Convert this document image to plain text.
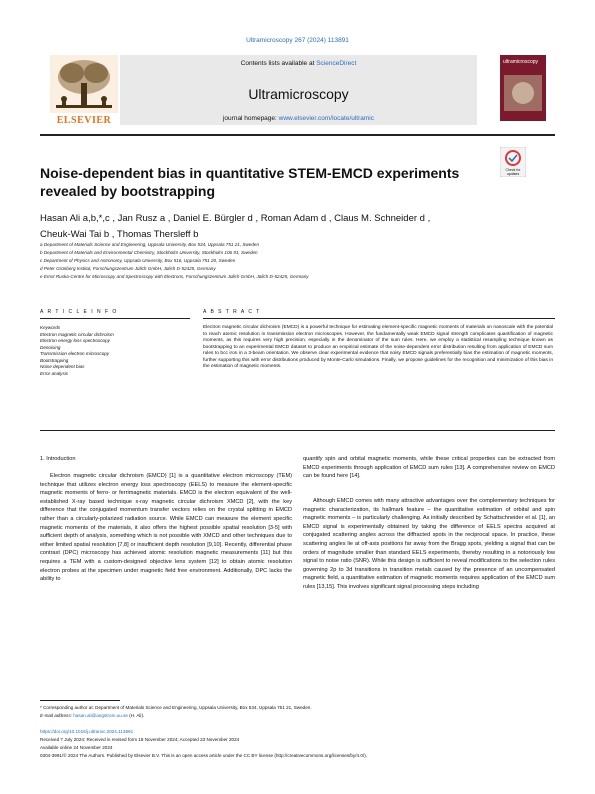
Ultramicroscopy 267 (2024) 113891
Contents lists available at ScienceDirect
Ultramicroscopy
journal homepage: www.elsevier.com/locate/ultramic
ELSEVIER
ultramicroscopy
Noise-dependent bias in quantitative STEM-EMCD experiments revealed by bootstrapping
Check for updates
Hasan Ali a,b,*,c , Jan Rusz a , Daniel E. Bürgler d , Roman Adam d , Claus M. Schneider d ,
Cheuk-Wai Tai b , Thomas Thersleff b
a Department of Materials Science and Engineering, Uppsala University, Box 534, Uppsala 751 21, Sweden
b Department of Materials and Environmental Chemistry, Stockholm University, Stockholm 106 91, Sweden
c Department of Physics and Astronomy, Uppsala University, Box 516, Uppsala 751 20, Sweden
d Peter Grünberg Institut, Forschungszentrum Jülich GmbH, Jülich D-52425, Germany
e Ernst Ruska-Centre for Microscopy and Spectroscopy with Electrons, Forschungszentrum Jülich GmbH, Jülich D-52425, Germany
A R T I C L E I N F O	A B S T R A C T
Keywords
Electron magnetic circular dichroism
Electron energy loss spectroscopy
Denoising
Transmission electron microscopy
Bootstrapping
Noise dependent bias
Error analysis
Electron magnetic circular dichroism (EMCD) is a powerful technique for estimating element-specific magnetic moments of materials on nanoscale with the potential to reach atomic resolution in transmission electron microscopes. However, the fundamentally weak EMCD signal strength complicates quantification of magnetic moments, as this requires very high precision, especially in the denominator of the sum rules. Here, we employ a statistical resampling technique known as bootstrapping to an experimental EMCD dataset to produce an empirical estimate of the noise-dependent error distribution resulting from application of EMCD sum rules to bcc iron in a 3-beam orientation. We observe clear experimental evidence that noisy EMCD signals preferentially bias the estimation of magnetic moments, further supporting this with error distributions produced by Monte-Carlo simulations. Finally, we propose guidelines for the recognition and minimization of this bias in the estimation of magnetic moments.
1. Introduction
Electron magnetic circular dichroism (EMCD) [1] is a quantitative electron microscopy (TEM) technique that utilizes electron energy loss spectroscopy (EELS) to measure the element-specific magnetic moments of ferro- or ferrimagnetic materials. EMCD is the electron equivalent of the well-established X-ray based technique x-ray magnetic circular dichroism XMCD [2], with the key difference that the conjugated momentum transfer vectors relies on the crystal splitting in EMCD rather than a circularly-polarized radiation source. While EMCD can measure the element specific magnetic moments of the materials, it also offers the highest possible spatial resolution [3-5] with sufficient depth of analysis, something which is not possible with XMCD and other techniques due to either limited spatial resolution [7,8] or insufficient depth resolution [9,10]. Recently, differential phase contrast (DPC) microscopy has achieved atomic resolution magnetic measurements [11] but this requires a TEM with a custom-designed objective lens system [12] to obtain atomic resolution electron probes at the specimen under magnetic field free environment. Additionally, DPC lacks the ability to
quantify spin and orbital magnetic moments, while these critical properties can be extracted from EMCD experiments through application of EMCD sum rules [13]. A comprehensive review on EMCD can be found here [14].
Although EMCD comes with many attractive advantages over the complementary techniques for magnetic characterization, its hallmark feature – the quantitative estimation of orbital and spin magnetic moments – is particularly challenging. As initially described by Schattschneider et al. [1], an EMCD signal is experimentally obtained by taking the difference of EELS spectra acquired at conjugated scattering angles across the diffracted spots in the reciprocal space. In practice, these scattering angles lie at off-axis positions far away from the Bragg spots, yielding a signal that can be orders of magnitude smaller than standard EELS experiments, thereby resulting in a notoriously low signal to noise ratio (SNR). While this design is sufficient to reveal modifications to the selection rules governing 2p to 3d transitions in transition metals caused by the presence of an uncompensated magnetic field, a quantitative estimation of magnetic moments requires application of the EMCD sum rules [13,15]. This involves significant signal processing steps including
* Corresponding author at: Department of Materials Science and Engineering, Uppsala University, Box 534, Uppsala 751 21, Sweden.
E-mail address: hasan.ali@angstrom.uu.se (H. Ali).
https://doi.org/10.1016/j.ultramic.2024.113891
Received 7 July 2024; Received in revised form 18 November 2024; Accepted 23 November 2024
Available online 24 November 2024
0304-3991/© 2024 The Authors. Published by Elsevier B.V. This is an open access article under the CC BY license (http://creativecommons.org/licenses/by/4.0/).
